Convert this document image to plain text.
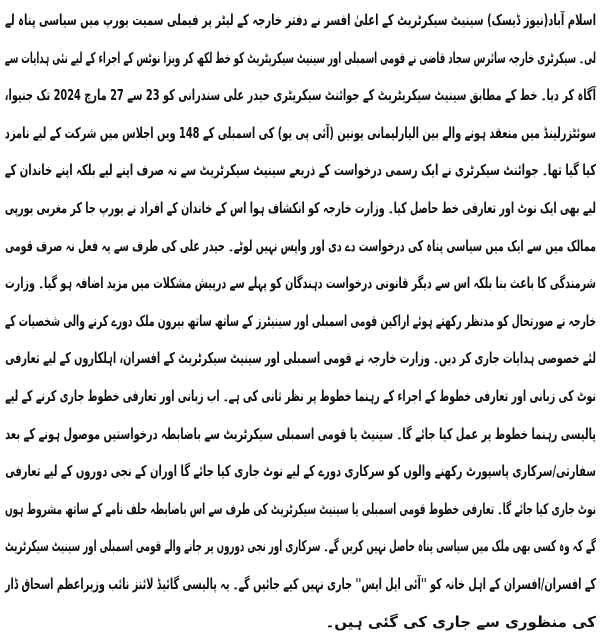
اسلام آباد(نیوز ڈیسک) سینیٹ سیکرٹریٹ کے اعلیٰ افسر نے دفتر خارجہ کے لیٹر پر فیملی سمیت یورپ میں سیاسی پناہ لے
لی۔ سیکرٹری خارجہ سائرس سجاد قاضی نے قومی اسمبلی اور سینیٹ سیکریٹریٹ کو خط لکھ کر ویزا نوٹس کے اجراء کے لیے نئی ہدایات سے
آگاہ کر دیا۔ خط کے مطابق سینیٹ سیکریٹریٹ کے جوائنٹ سیکریٹری حیدر علی سندرانی کو 23 سے 27 مارچ 2024 تک جنیوا،
سوئٹزرلینڈ میں منعقد ہونے والے بین الپارلیمانی یونین (آئی پی یو) کی اسمبلی کے 148 ویں اجلاس میں شرکت کے لیے نامزد
کیا گیا تھا۔ جوائنٹ سیکرٹری نے ایک رسمی درخواست کے ذریعے سینیٹ سیکرٹریٹ سے نہ صرف اپنے لیے بلکہ اپنے خاندان کے
لیے بھی ایک نوٹ اور تعارفی خط حاصل کیا۔ وزارت خارجہ کو انکشاف ہوا اس کے خاندان کے افراد نے یورپ جا کر مغربی یورپی
ممالک میں سے ایک میں سیاسی پناہ کی درخواست دے دی اور واپس نہیں لوٹے۔ حیدر علی کی طرف سے یہ فعل نہ صرف قومی
شرمندگی کا باعث بنا بلکہ اس سے دیگر قانونی درخواست دہندگان کو پہلے سے درپیش مشکلات میں مزید اضافہ ہو گیا۔ وزارت
خارجہ نے صورتحال کو مدنظر رکھتے ہوئے اراکین قومی اسمبلی اور سینیٹرز کے ساتھ ساتھ بیرون ملک دورے کرنے والی شخصیات کے
لئے خصوصی ہدایات جاری کر دیں۔ وزارت خارجہ نے قومی اسمبلی اور سینیٹ سیکرٹریٹ کے افسران، اہلکاروں کے لیے تعارفی
نوٹ کی زبانی اور تعارفی خطوط کے اجراء کے رہنما خطوط پر نظر ثانی کی ہے۔ اب زبانی اور تعارفی خطوط جاری کرنے کے لیے
پالیسی رہنما خطوط پر عمل کیا جائے گا۔ سینیٹ یا قومی اسمبلی سیکرٹریٹ سے باضابطہ درخواستیں موصول ہونے کے بعد
سفارتی/سرکاری پاسپورٹ رکھنے والوں کو سرکاری دورے کے لیے نوٹ جاری کیا جائے گا اوران کے نجی دوروں کے لیے تعارفی
نوٹ جاری کیا جائے گا۔ تعارفی خطوط قومی اسمبلی یا سینیٹ سیکرٹریٹ کی طرف سے اس باضابطہ حلف نامے کے ساتھ مشروط ہوں
گے کہ وہ کسی بھی ملک میں سیاسی پناہ حاصل نہیں کریں گے۔ سرکاری اور نجی دوروں پر جانے والے قومی اسمبلی اور سینیٹ سیکرٹریٹ
کے افسران/افسران کے اہل خانہ کو ''آئی ایل ایس'' جاری نہیں کیے جائیں گے۔ یہ پالیسی گائیڈ لائنز نائب وزیراعظم اسحاق ڈار
کی منظوری سے جاری کی گئی ہیں۔
